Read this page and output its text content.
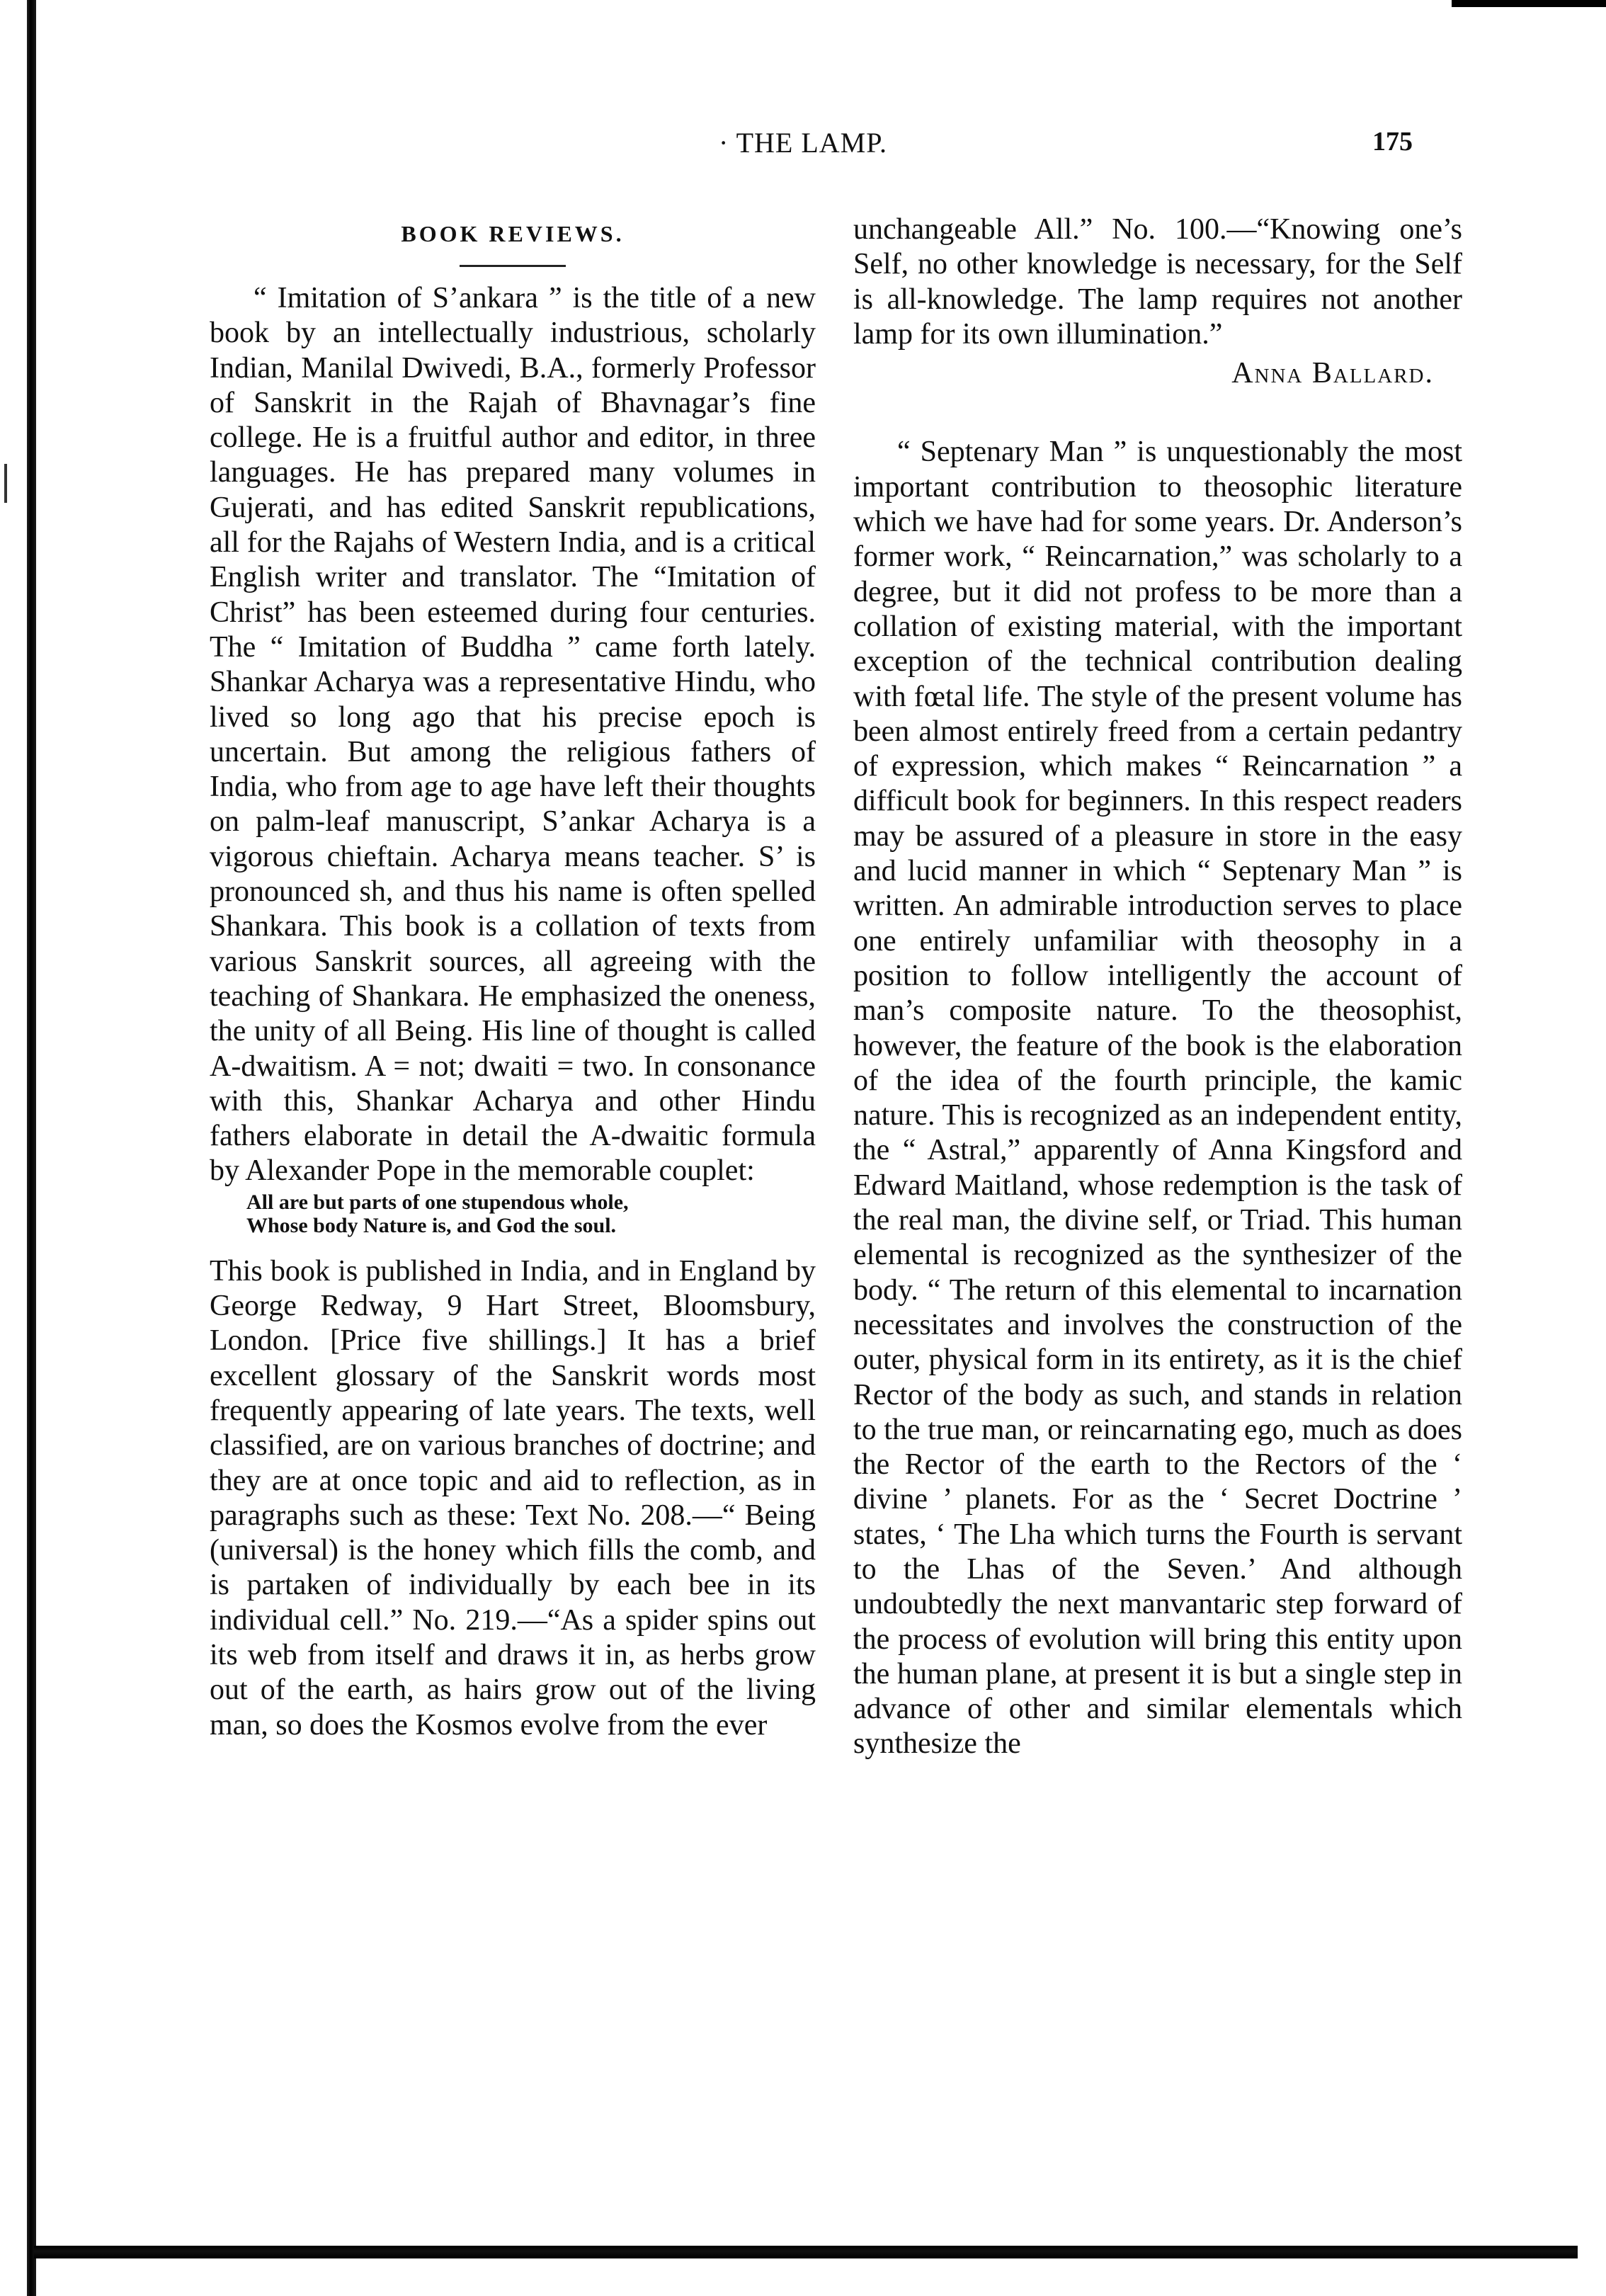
· THE LAMP.	175
BOOK REVIEWS.

“ Imitation of S’ankara ” is the title of a new book by an intellectually industrious, scholarly Indian, Manilal Dwivedi, B.A., formerly Professor of Sanskrit in the Rajah of Bhavnagar’s fine college. He is a fruitful author and editor, in three languages. He has prepared many volumes in Gujerati, and has edited Sanskrit republications, all for the Rajahs of Western India, and is a critical English writer and translator. The “Imitation of Christ” has been esteemed during four centuries. The “ Imitation of Buddha ” came forth lately. Shankar Acharya was a representative Hindu, who lived so long ago that his precise epoch is uncertain. But among the religious fathers of India, who from age to age have left their thoughts on palm-leaf manuscript, S’ankar Acharya is a vigorous chieftain. Acharya means teacher. S’ is pronounced sh, and thus his name is often spelled Shankara. This book is a collation of texts from various Sanskrit sources, all agreeing with the teaching of Shankara. He emphasized the oneness, the unity of all Being. His line of thought is called A-dwaitism. A = not; dwaiti = two. In consonance with this, Shankar Acharya and other Hindu fathers elaborate in detail the A-dwaitic formula by Alexander Pope in the memorable couplet:

All are but parts of one stupendous whole,
Whose body Nature is, and God the soul.

This book is published in India, and in England by George Redway, 9 Hart Street, Bloomsbury, London. [Price five shillings.] It has a brief excellent glossary of the Sanskrit words most frequently appearing of late years. The texts, well classified, are on various branches of doctrine; and they are at once topic and aid to reflection, as in paragraphs such as these: Text No. 208.—“ Being (universal) is the honey which fills the comb, and is partaken of individually by each bee in its individual cell.” No. 219.—“As a spider spins out its web from itself and draws it in, as herbs grow out of the earth, as hairs grow out of the living man, so does the Kosmos evolve from the ever

unchangeable All.” No. 100.—“Knowing one’s Self, no other knowledge is necessary, for the Self is all-knowledge. The lamp requires not another lamp for its own illumination.”

Anna Ballard.

“ Septenary Man ” is unquestionably the most important contribution to theosophic literature which we have had for some years. Dr. Anderson’s former work, “ Reincarnation,” was scholarly to a degree, but it did not profess to be more than a collation of existing material, with the important exception of the technical contribution dealing with fœtal life. The style of the present volume has been almost entirely freed from a certain pedantry of expression, which makes “ Reincarnation ” a difficult book for beginners. In this respect readers may be assured of a pleasure in store in the easy and lucid manner in which “ Septenary Man ” is written. An admirable introduction serves to place one entirely unfamiliar with theosophy in a position to follow intelligently the account of man’s composite nature. To the theosophist, however, the feature of the book is the elaboration of the idea of the fourth principle, the kamic nature. This is recognized as an independent entity, the “ Astral,” apparently of Anna Kingsford and Edward Maitland, whose redemption is the task of the real man, the divine self, or Triad. This human elemental is recognized as the synthesizer of the body. “ The return of this elemental to incarnation necessitates and involves the construction of the outer, physical form in its entirety, as it is the chief Rector of the body as such, and stands in relation to the true man, or reincarnating ego, much as does the Rector of the earth to the Rectors of the ‘ divine ’ planets. For as the ‘ Secret Doctrine ’ states, ‘ The Lha which turns the Fourth is servant to the Lhas of the Seven.’ And although undoubtedly the next manvantaric step forward of the process of evolution will bring this entity upon the human plane, at present it is but a single step in advance of other and similar elementals which synthesize the
